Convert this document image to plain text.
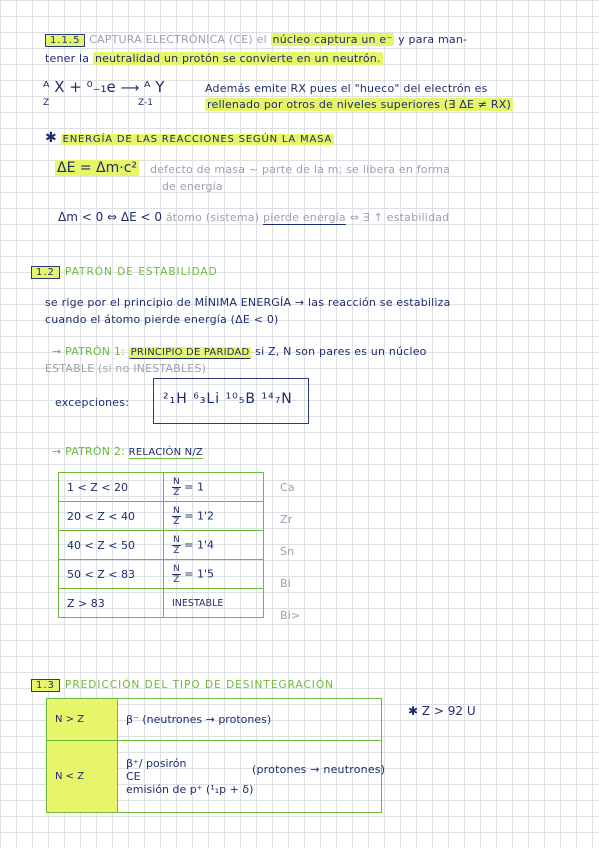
1.1.5 CAPTURA ELECTRÓNICA (CE) el núcleo captura un e⁻ y para man-
tener la neutralidad un protón se convierte en un neutrón.
ᴬ X + ⁰₋₁e ⟶ ᴬ Y
Z	Z-1
Además emite RX pues el "hueco" del electrón es
rellenado por otros de niveles superiores (∃ ΔE ≠ RX)
✱ ENERGÍA DE LAS REACCIONES SEGÚN LA MASA
ΔE = Δm·c² defecto de masa ~ parte de la m; se libera en forma
de energía
Δm < 0 ⇔ ΔE < 0 átomo (sistema) pierde energía ⇔ ∃ ↑ estabilidad
1.2 PATRÓN DE ESTABILIDAD
se rige por el principio de MÍNIMA ENERGÍA → las reacción se estabiliza
cuando el átomo pierde energía (ΔE < 0)
→ PATRÓN 1: PRINCIPIO DE PARIDAD si Z, N son pares es un núcleo
ESTABLE (si no INESTABLES)
excepciones: ²₁H ⁶₃Li ¹⁰₅B ¹⁴₇N
→ PATRÓN 2: RELACIÓN N/Z
1 < Z < 20	$\frac{N}{Z} = 1$
20 < Z < 40	$\frac{N}{Z} = 1'2$
40 < Z < 50	$\frac{N}{Z} = 1'4$
50 < Z < 83	$\frac{N}{Z} = 1'5$
Z > 83	INESTABLE
Ca
Zr
Sn
Bi
Bi>
1.3 PREDICCIÓN DEL TIPO DE DESINTEGRACIÓN
N > Z	β⁻ (neutrones → protones)
N < Z	β⁺/ posirón
CE
emisión de p⁺ (¹₁p + δ)
(protones → neutrones)
✱ Z > 92 U
